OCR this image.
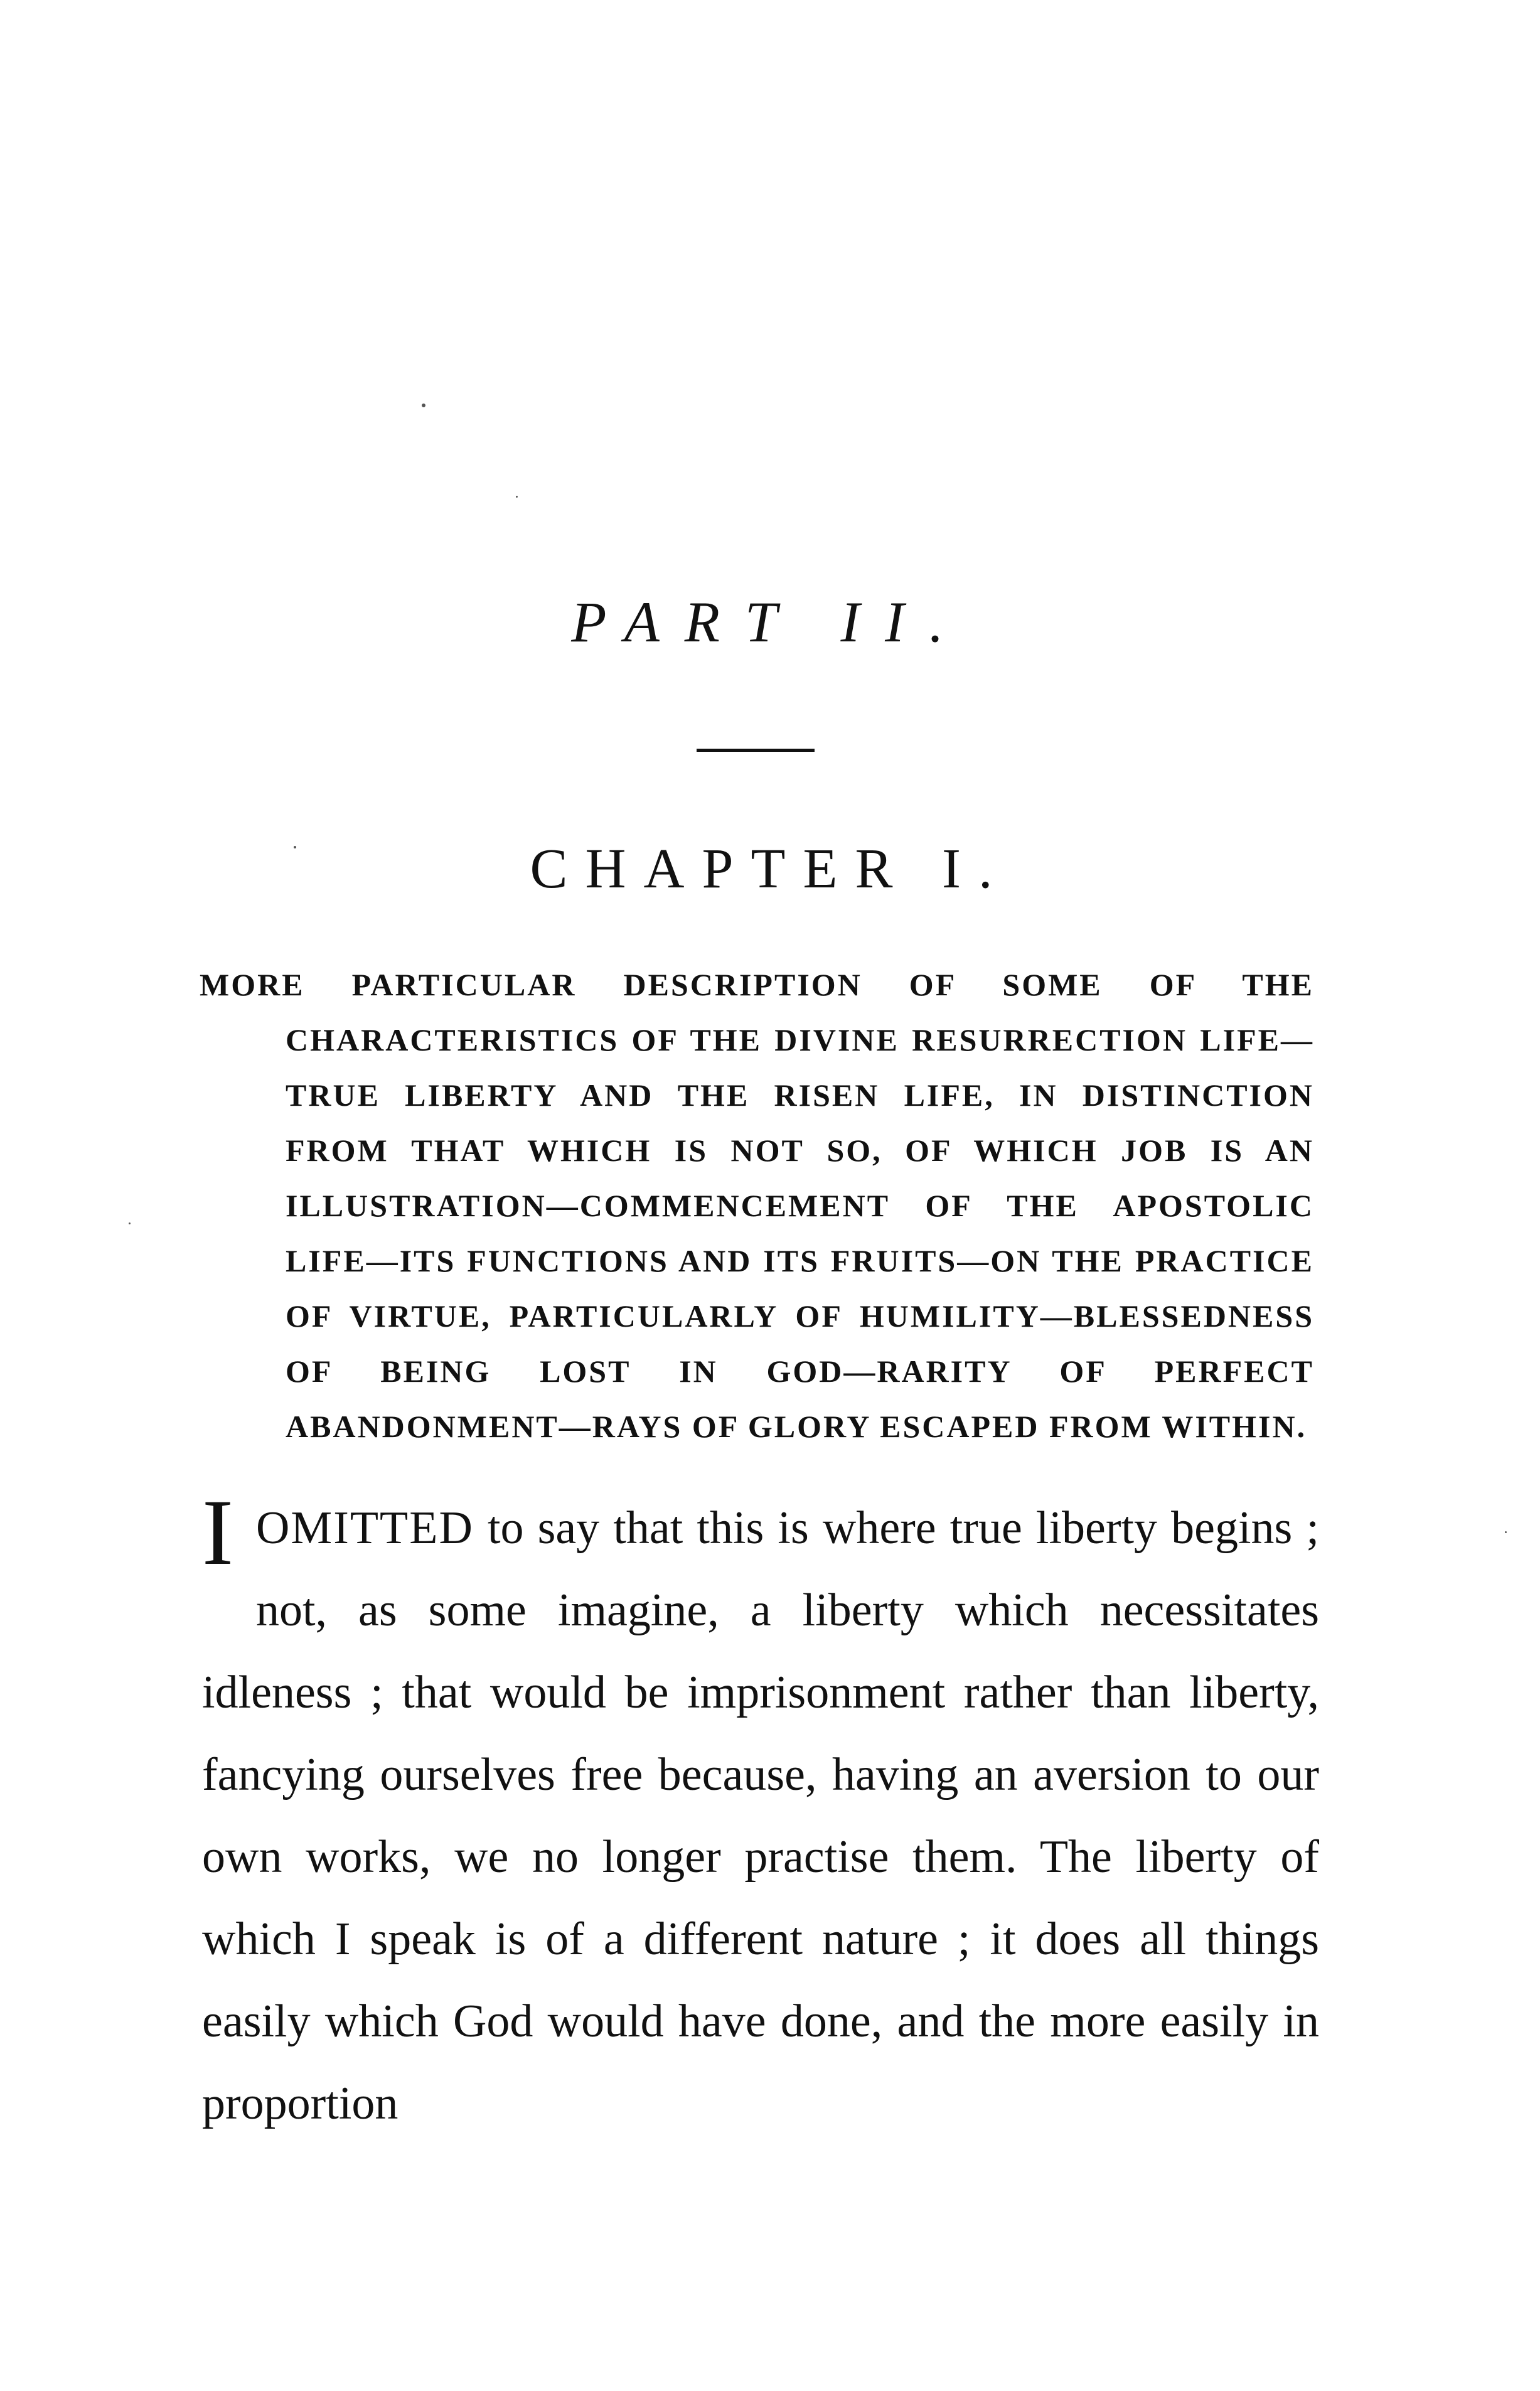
PART II.
CHAPTER I.
MORE PARTICULAR DESCRIPTION OF SOME OF THE CHARACTERISTICS OF THE DIVINE RESURRECTION LIFE—TRUE LIBERTY AND THE RISEN LIFE, IN DISTINCTION FROM THAT WHICH IS NOT SO, OF WHICH JOB IS AN ILLUSTRATION—COMMENCEMENT OF THE APOSTOLIC LIFE—ITS FUNCTIONS AND ITS FRUITS—ON THE PRACTICE OF VIRTUE, PARTICULARLY OF HUMILITY—BLESSEDNESS OF BEING LOST IN GOD—RARITY OF PERFECT ABANDONMENT—RAYS OF GLORY ESCAPED FROM WITHIN.
IOMITTED to say that this is where true liberty begins ; not, as some imagine, a liberty which necessitates idleness ; that would be imprisonment rather than liberty, fancying ourselves free because, having an aversion to our own works, we no longer practise them. The liberty of which I speak is of a different nature ; it does all things easily which God would have done, and the more easily in proportion
